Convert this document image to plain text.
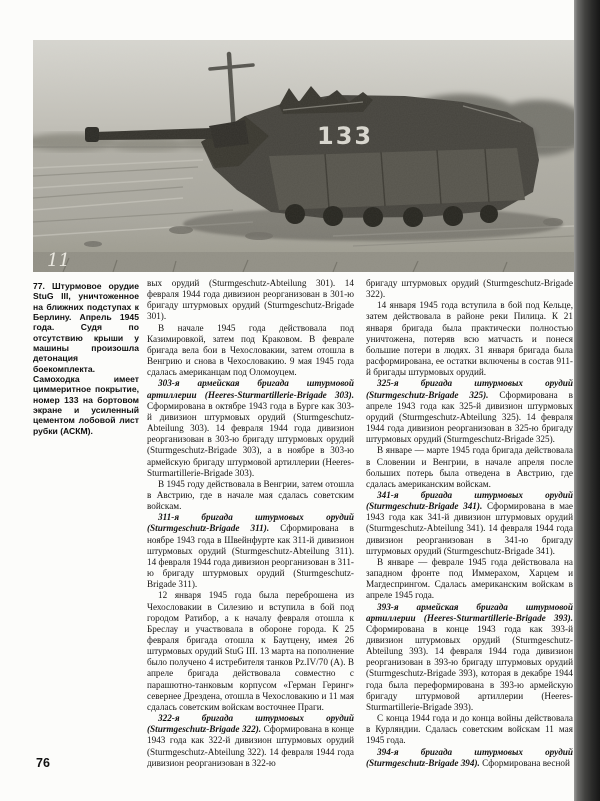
77. Штурмовое орудие StuG III, уничтоженное на ближних подступах к Берлину. Апрель 1945 года. Судя по отсутствию крыши у машины произошла детонация боекомплекта. Самоходка имеет циммеритное покрытие, номер 133 на бортовом экране и усиленный цементом лобовой лист рубки (АСКМ).

вых орудий (Sturmgeschutz-Abteilung 301). 14 февраля 1944 года дивизион реорганизован в 301-ю бригаду штурмовых орудий (Sturmgeschutz-Brigade 301).

В начале 1945 года действовала под Казимировкой, затем под Краковом. В феврале бригада вела бои в Чехословакии, затем отошла в Венгрию и снова в Чехословакию. 9 мая 1945 года сдалась американцам под Оломоуцем.

303-я армейская бригада штурмовой артиллерии (Heeres-Sturmartillerie-Brigade 303). Сформирована в октябре 1943 года в Бурге как 303-й дивизион штурмовых орудий (Sturmgeschutz-Abteilung 303). 14 февраля 1944 года дивизион реорганизован в 303-ю бригаду штурмовых орудий (Sturmgeschutz-Brigade 303), а в ноябре в 303-ю армейскую бригаду штурмовой артиллерии (Heeres-Sturmartillerie-Brigade 303).

В 1945 году действовала в Венгрии, затем отошла в Австрию, где в начале мая сдалась советским войскам.

311-я бригада штурмовых орудий (Sturmgeschutz-Brigade 311). Сформирована в ноябре 1943 года в Швейнфурте как 311-й дивизион штурмовых орудий (Sturmgeschutz-Abteilung 311). 14 февраля 1944 года дивизион реорганизован в 311-ю бригаду штурмовых орудий (Sturmgeschutz-Brigade 311).

12 января 1945 года была переброшена из Чехословакии в Силезию и вступила в бой под городом Ратибор, а к началу февраля отошла к Бреслау и участвовала в обороне города. К 25 февраля бригада отошла к Баутцену, имея 26 штурмовых орудий StuG III. 13 марта на пополнение было получено 4 истребителя танков Pz.IV/70 (А). В апреле бригада действовала совместно с парашютно-танковым корпусом «Герман Геринг» севернее Дрездена, отошла в Чехословакию и 11 мая сдалась советским войскам восточнее Праги.

322-я бригада штурмовых орудий (Sturmgeschutz-Brigade 322). Сформирована в конце 1943 года как 322-й дивизион штурмовых орудий (Sturmgeschutz-Abteilung 322). 14 февраля 1944 года дивизион реорганизован в 322-ю

бригаду штурмовых орудий (Sturmgeschutz-Brigade 322).

14 января 1945 года вступила в бой под Кельце, затем действовала в районе реки Пилица. К 21 января бригада была практически полностью уничтожена, потеряв всю матчасть и понеся большие потери в людях. 31 января бригада была расформирована, ее остатки включены в состав 911-й бригады штурмовых орудий.

325-я бригада штурмовых орудий (Sturmgeschutz-Brigade 325). Сформирована в апреле 1943 года как 325-й дивизион штурмовых орудий (Sturmgeschutz-Abteilung 325). 14 февраля 1944 года дивизион реорганизован в 325-ю бригаду штурмовых орудий (Sturmgeschutz-Brigade 325).

В январе — марте 1945 года бригада действовала в Словении и Венгрии, в начале апреля после больших потерь была отведена в Австрию, где сдалась американским войскам.

341-я бригада штурмовых орудий (Sturmgeschutz-Brigade 341). Сформирована в мае 1943 года как 341-й дивизион штурмовых орудий (Sturmgeschutz-Abteilung 341). 14 февраля 1944 года дивизион реорганизован в 341-ю бригаду штурмовых орудий (Sturmgeschutz-Brigade 341).

В январе — феврале 1945 года действовала на западном фронте под Иммерахом, Харцем и Магдеспрингом. Сдалась американским войскам в апреле 1945 года.

393-я армейская бригада штурмовой артиллерии (Heeres-Sturmartillerie-Brigade 393). Сформирована в конце 1943 года как 393-й дивизион штурмовых орудий (Sturmgeschutz-Abteilung 393). 14 февраля 1944 года дивизион реорганизован в 393-ю бригаду штурмовых орудий (Sturmgeschutz-Brigade 393), которая в декабре 1944 года была переформирована в 393-ю армейскую бригаду штурмовой артиллерии (Heeres-Sturmartillerie-Brigade 393).

С конца 1944 года и до конца войны действовала в Курляндии. Сдалась советским войскам 11 мая 1945 года.

394-я бригада штурмовых орудий (Sturmgeschutz-Brigade 394). Сформирована весной

76
